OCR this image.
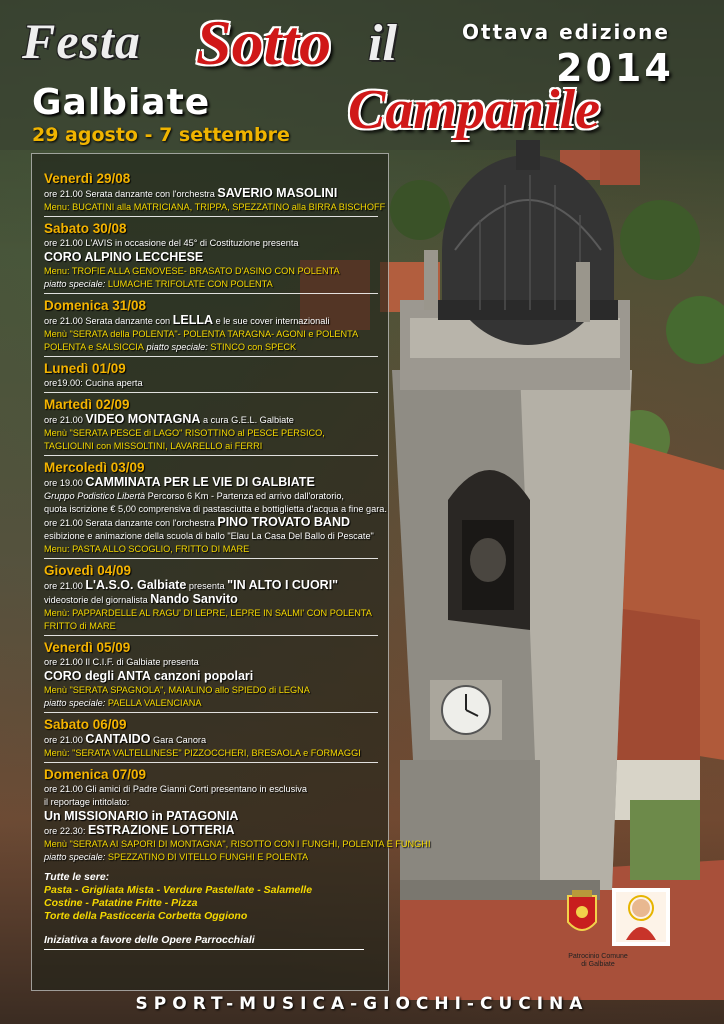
Festa Sotto il
Campanile
Galbiate
29 agosto - 7 settembre
Ottava edizione
2014
Venerdì 29/08
ore 21.00 Serata danzante con l'orchestra SAVERIO MASOLINI
Menu: BUCATINI alla MATRICIANA, TRIPPA, SPEZZATINO alla BIRRA BISCHOFF
Sabato 30/08
ore 21.00 L'AVIS in occasione del 45° di Costituzione presenta
CORO ALPINO LECCHESE
Menu: TROFIE ALLA GENOVESE- BRASATO D'ASINO CON POLENTA
piatto speciale: LUMACHE TRIFOLATE CON POLENTA
Domenica 31/08
ore 21.00 Serata danzante con LELLA e le sue cover internazionali
Menù "SERATA della POLENTA"- POLENTA TARAGNA- AGONI e POLENTA
POLENTA e SALSICCIA piatto speciale: STINCO con SPECK
Lunedì 01/09
ore19.00: Cucina aperta
Martedì 02/09
ore 21.00 VIDEO MONTAGNA a cura G.E.L. Galbiate
Menù "SERATA PESCE di LAGO" RISOTTINO al PESCE PERSICO,
TAGLIOLINI con MISSOLTINI, LAVARELLO ai FERRI
Mercoledì 03/09
ore 19.00 CAMMINATA PER LE VIE DI GALBIATE
Gruppo Podistico Libertà Percorso 6 Km - Partenza ed arrivo dall'oratorio,
quota iscrizione € 5,00 comprensiva di pastasciutta e bottiglietta d'acqua a fine gara.
ore 21.00 Serata danzante con l'orchestra PINO TROVATO BAND
esibizione e animazione della scuola di ballo "Elau La Casa Del Ballo di Pescate"
Menu: PASTA ALLO SCOGLIO, FRITTO DI MARE
Giovedì 04/09
ore 21.00 L'A.S.O. Galbiate presenta "IN ALTO I CUORI"
videostorie del giornalista Nando Sanvito
Menù: PAPPARDELLE AL RAGU' DI LEPRE, LEPRE IN SALMI' CON POLENTA
FRITTO di MARE
Venerdì 05/09
ore 21.00 Il C.I.F. di Galbiate presenta
CORO degli ANTA canzoni popolari
Menù "SERATA SPAGNOLA", MAIALINO allo SPIEDO di LEGNA
piatto speciale: PAELLA VALENCIANA
Sabato 06/09
ore 21.00 CANTAIDO Gara Canora
Menù: "SERATA VALTELLINESE" PIZZOCCHERI, BRESAOLA e FORMAGGI
Domenica 07/09
ore 21.00 Gli amici di Padre Gianni Corti presentano in esclusiva
il reportage intitolato:
Un MISSIONARIO in PATAGONIA
ore 22.30: ESTRAZIONE LOTTERIA
Menù "SERATA AI SAPORI DI MONTAGNA", RISOTTO CON I FUNGHI, POLENTA E FUNGHI
piatto speciale: SPEZZATINO DI VITELLO FUNGHI E POLENTA
Tutte le sere:
Pasta - Grigliata Mista - Verdure Pastellate - Salamelle
Costine - Patatine Fritte - Pizza
Torte della Pasticceria Corbetta Oggiono
Iniziativa a favore delle Opere Parrocchiali
Patrocinio Comune di Galbiate
SPORT-MUSICA-GIOCHI-CUCINA
